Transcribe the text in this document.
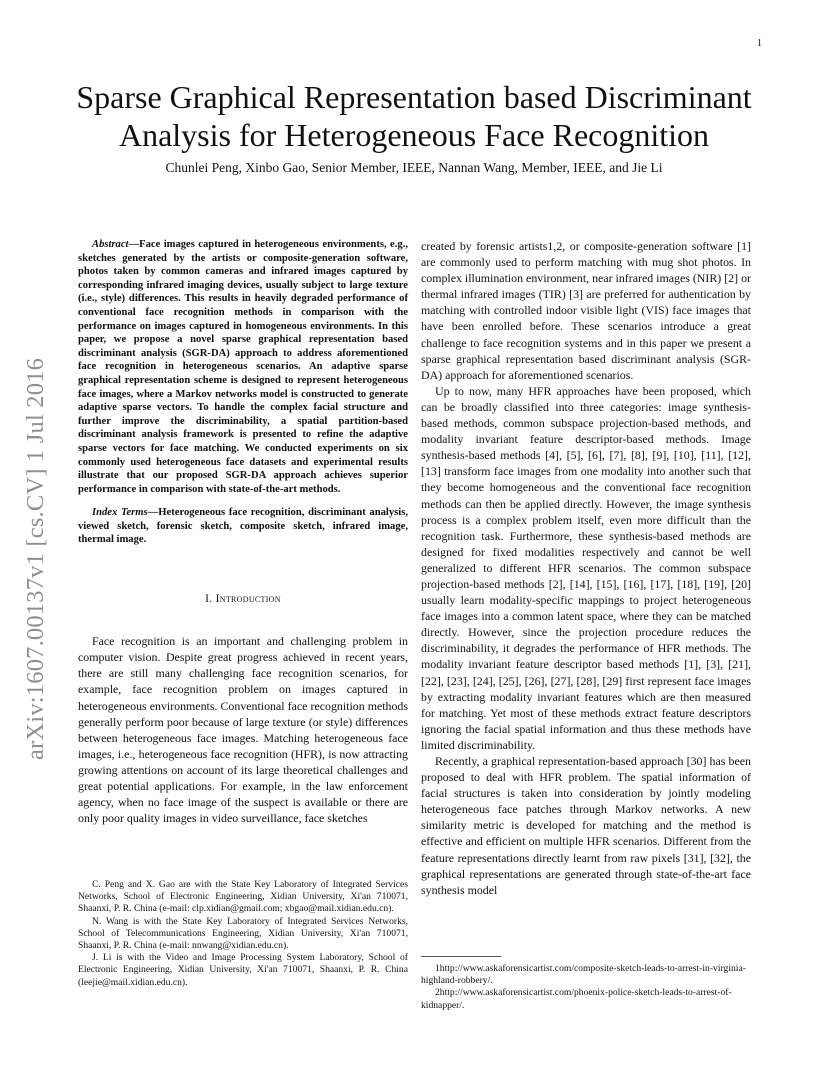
1
arXiv:1607.00137v1 [cs.CV] 1 Jul 2016
Sparse Graphical Representation based Discriminant Analysis for Heterogeneous Face Recognition
Chunlei Peng, Xinbo Gao, Senior Member, IEEE, Nannan Wang, Member, IEEE, and Jie Li

Abstract—Face images captured in heterogeneous environments, e.g., sketches generated by the artists or composite-generation software, photos taken by common cameras and infrared images captured by corresponding infrared imaging devices, usually subject to large texture (i.e., style) differences. This results in heavily degraded performance of conventional face recognition methods in comparison with the performance on images captured in homogeneous environments. In this paper, we propose a novel sparse graphical representation based discriminant analysis (SGR-DA) approach to address aforementioned face recognition in heterogeneous scenarios. An adaptive sparse graphical representation scheme is designed to represent heterogeneous face images, where a Markov networks model is constructed to generate adaptive sparse vectors. To handle the complex facial structure and further improve the discriminability, a spatial partition-based discriminant analysis framework is presented to refine the adaptive sparse vectors for face matching. We conducted experiments on six commonly used heterogeneous face datasets and experimental results illustrate that our proposed SGR-DA approach achieves superior performance in comparison with state-of-the-art methods.

Index Terms—Heterogeneous face recognition, discriminant analysis, viewed sketch, forensic sketch, composite sketch, infrared image, thermal image.

I. Introduction

Face recognition is an important and challenging problem in computer vision. Despite great progress achieved in recent years, there are still many challenging face recognition scenarios, for example, face recognition problem on images captured in heterogeneous environments. Conventional face recognition methods generally perform poor because of large texture (or style) differences between heterogeneous face images. Matching heterogeneous face images, i.e., heterogeneous face recognition (HFR), is now attracting growing attentions on account of its large theoretical challenges and great potential applications. For example, in the law enforcement agency, when no face image of the suspect is available or there are only poor quality images in video surveillance, face sketches

C. Peng and X. Gao are with the State Key Laboratory of Integrated Services Networks, School of Electronic Engineering, Xidian University, Xi'an 710071, Shaanxi, P. R. China (e-mail: clp.xidian@gmail.com; xbgao@mail.xidian.edu.cn).

N. Wang is with the State Key Laboratory of Integrated Services Networks, School of Telecommunications Engineering, Xidian University, Xi'an 710071, Shaanxi, P. R. China (e-mail: nnwang@xidian.edu.cn).

J. Li is with the Video and Image Processing System Laboratory, School of Electronic Engineering, Xidian University, Xi'an 710071, Shaanxi, P. R. China (leejie@mail.xidian.edu.cn).

created by forensic artists1,2, or composite-generation software [1] are commonly used to perform matching with mug shot photos. In complex illumination environment, near infrared images (NIR) [2] or thermal infrared images (TIR) [3] are preferred for authentication by matching with controlled indoor visible light (VIS) face images that have been enrolled before. These scenarios introduce a great challenge to face recognition systems and in this paper we present a sparse graphical representation based discriminant analysis (SGR-DA) approach for aforementioned scenarios.

Up to now, many HFR approaches have been proposed, which can be broadly classified into three categories: image synthesis-based methods, common subspace projection-based methods, and modality invariant feature descriptor-based methods. Image synthesis-based methods [4], [5], [6], [7], [8], [9], [10], [11], [12], [13] transform face images from one modality into another such that they become homogeneous and the conventional face recognition methods can then be applied directly. However, the image synthesis process is a complex problem itself, even more difficult than the recognition task. Furthermore, these synthesis-based methods are designed for fixed modalities respectively and cannot be well generalized to different HFR scenarios. The common subspace projection-based methods [2], [14], [15], [16], [17], [18], [19], [20] usually learn modality-specific mappings to project heterogeneous face images into a common latent space, where they can be matched directly. However, since the projection procedure reduces the discriminability, it degrades the performance of HFR methods. The modality invariant feature descriptor based methods [1], [3], [21], [22], [23], [24], [25], [26], [27], [28], [29] first represent face images by extracting modality invariant features which are then measured for matching. Yet most of these methods extract feature descriptors ignoring the facial spatial information and thus these methods have limited discriminability.

Recently, a graphical representation-based approach [30] has been proposed to deal with HFR problem. The spatial information of facial structures is taken into consideration by jointly modeling heterogeneous face patches through Markov networks. A new similarity metric is developed for matching and the method is effective and efficient on multiple HFR scenarios. Different from the feature representations directly learnt from raw pixels [31], [32], the graphical representations are generated through state-of-the-art face synthesis model

1http://www.askaforensicartist.com/composite-sketch-leads-to-arrest-in-virginia-highland-robbery/.

2http://www.askaforensicartist.com/phoenix-police-sketch-leads-to-arrest-of-kidnapper/.
